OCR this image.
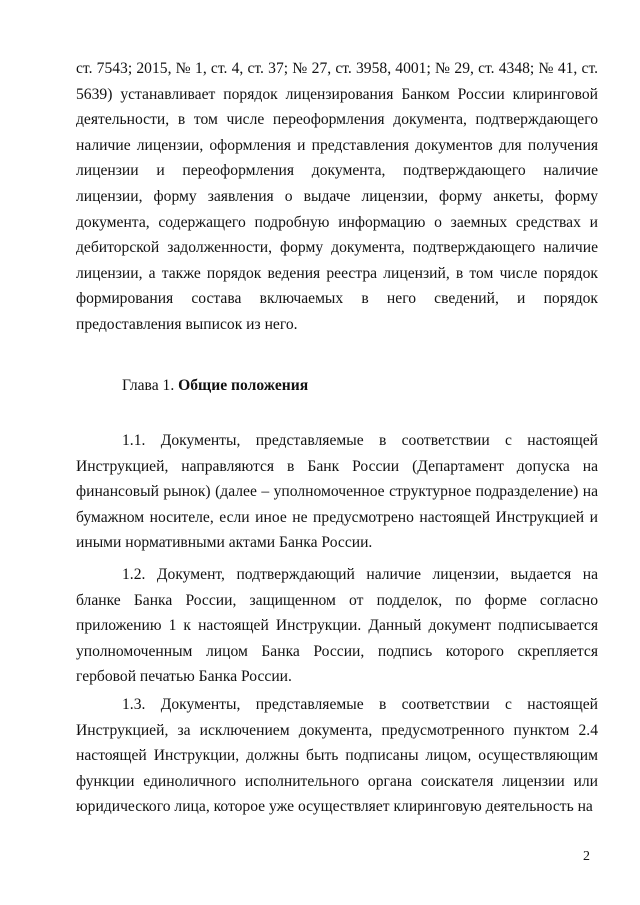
ст. 7543; 2015, № 1, ст. 4, ст. 37; № 27, ст. 3958, 4001; № 29, ст. 4348; № 41, ст. 5639) устанавливает порядок лицензирования Банком России клиринговой деятельности, в том числе переоформления документа, подтверждающего наличие лицензии, оформления и представления документов для получения лицензии и переоформления документа, подтверждающего наличие лицензии, форму заявления о выдаче лицензии, форму анкеты, форму документа, содержащего подробную информацию о заемных средствах и дебиторской задолженности, форму документа, подтверждающего наличие лицензии, а также порядок ведения реестра лицензий, в том числе порядок формирования состава включаемых в него сведений, и порядок предоставления выписок из него.

Глава 1. Общие положения

1.1. Документы, представляемые в соответствии с настоящей Инструкцией, направляются в Банк России (Департамент допуска на финансовый рынок) (далее – уполномоченное структурное подразделение) на бумажном носителе, если иное не предусмотрено настоящей Инструкцией и иными нормативными актами Банка России.

1.2. Документ, подтверждающий наличие лицензии, выдается на бланке Банка России, защищенном от подделок, по форме согласно приложению 1 к настоящей Инструкции. Данный документ подписывается уполномоченным лицом Банка России, подпись которого скрепляется гербовой печатью Банка России.

1.3. Документы, представляемые в соответствии с настоящей Инструкцией, за исключением документа, предусмотренного пунктом 2.4 настоящей Инструкции, должны быть подписаны лицом, осуществляющим функции единоличного исполнительного органа соискателя лицензии или юридического лица, которое уже осуществляет клиринговую деятельность на

2
